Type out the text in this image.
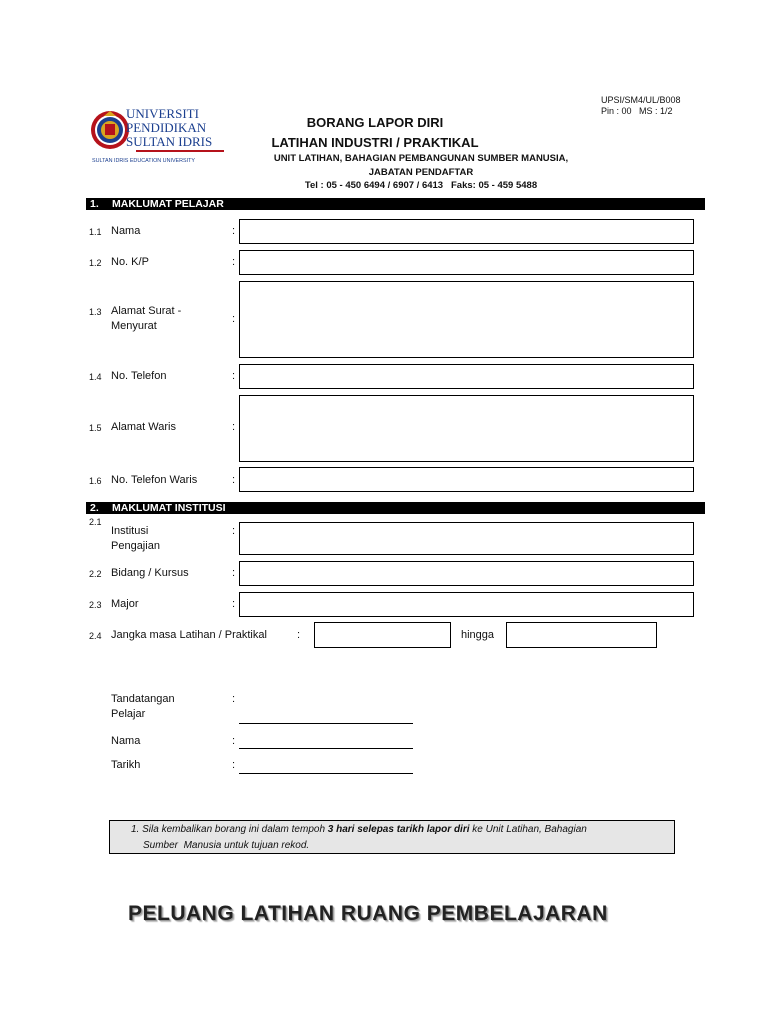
UPSI/SM4/UL/B008
Pin : 00   MS : 1/2
UNIVERSITI
PENDIDIKAN
SULTAN IDRIS
SULTAN IDRIS EDUCATION UNIVERSITY
BORANG LAPOR DIRI
LATIHAN INDUSTRI / PRAKTIKAL
UNIT LATIHAN, BAHAGIAN PEMBANGUNAN SUMBER MANUSIA,
JABATAN PENDAFTAR
Tel : 05 - 450 6494 / 6907 / 6413   Faks: 05 - 459 5488
1. MAKLUMAT PELAJAR
1.1 Nama	:
1.2 No. K/P	:
1.3 Alamat Surat -
Menyurat
:
1.4 No. Telefon	:
1.5 Alamat Waris	:
1.6 No. Telefon Waris	:
2. MAKLUMAT INSTITUSI
2.1
Institusi
Pengajian
:
2.2 Bidang / Kursus	:
2.3 Major	:
2.4 Jangka masa Latihan / Praktikal	:	hingga
Tandatangan
Pelajar
:
Nama	:
Tarikh	:
1. Sila kembalikan borang ini dalam tempoh 3 hari selepas tarikh lapor diri ke Unit Latihan, Bahagian
Sumber  Manusia untuk tujuan rekod.
PELUANG LATIHAN RUANG PEMBELAJARAN
